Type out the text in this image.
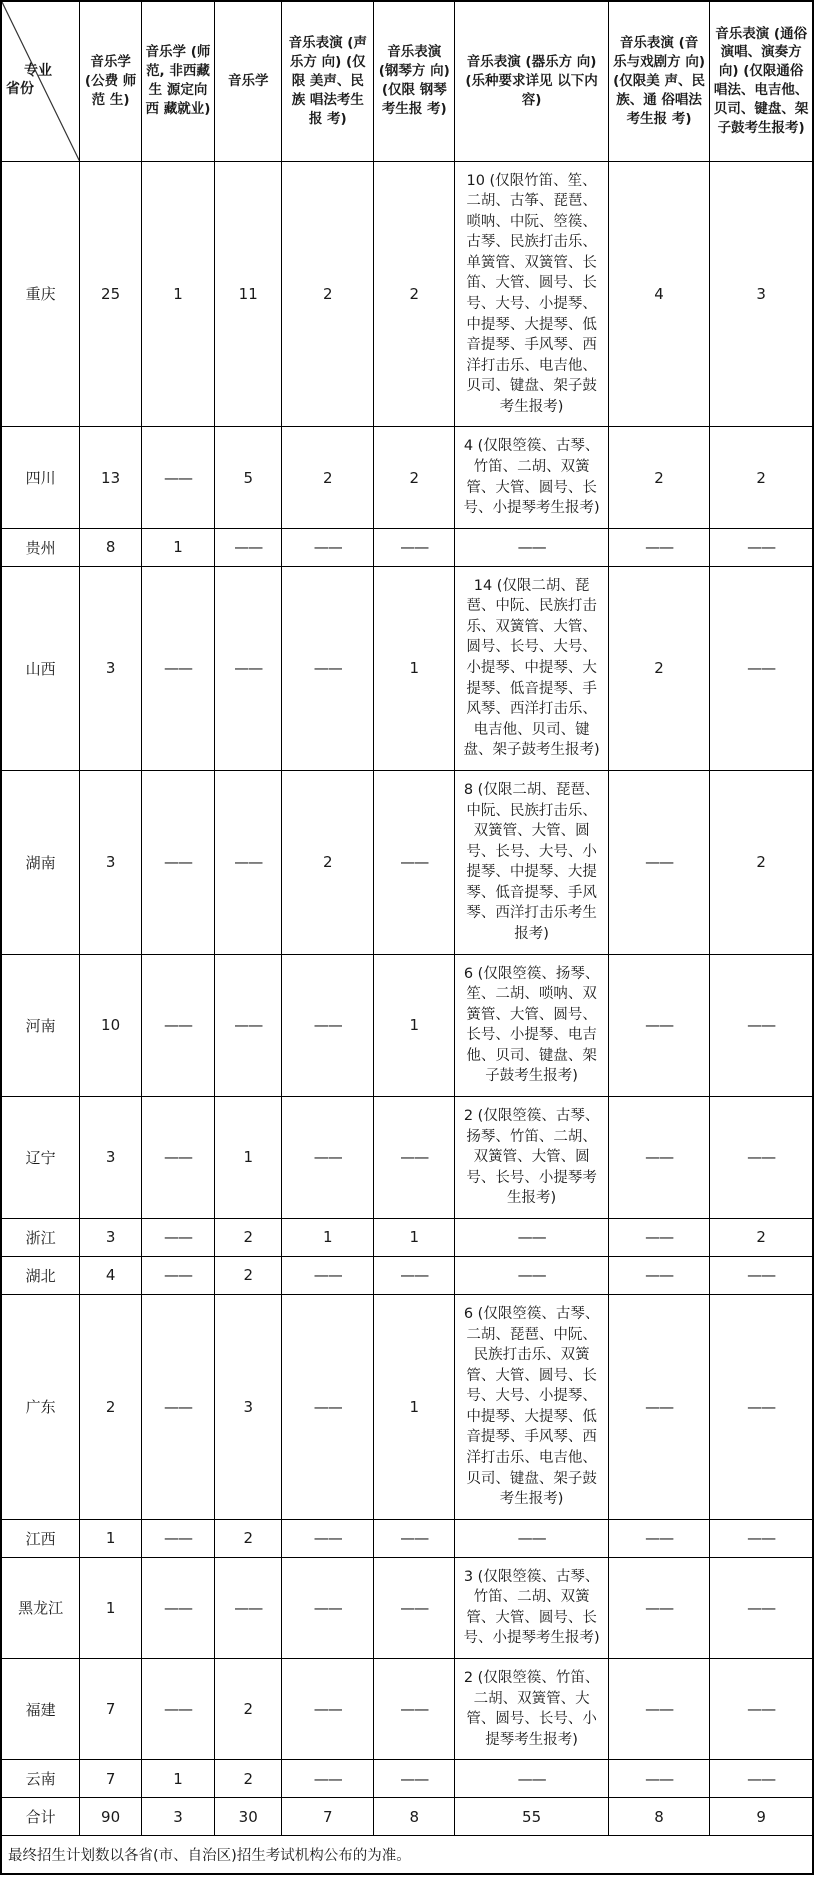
专业
省份	音乐学 (公费 师范 生)	音乐学 (师范, 非西藏生 源定向西 藏就业)	音乐学	音乐表演 (声乐方 向) (仅限 美声、民族 唱法考生报 考)	音乐表演 (钢琴方 向) (仅限 钢琴考生报 考)	音乐表演 (器乐方 向) (乐种要求详见 以下内容)	音乐表演 (音 乐与戏剧方 向) (仅限美 声、民族、通 俗唱法考生报 考)	音乐表演 (通俗 演唱、演奏方 向) (仅限通俗 唱法、电吉他、 贝司、键盘、架 子鼓考生报考)
重庆	25	1	11	2	2	10 (仅限竹笛、笙、二胡、古筝、琵琶、唢呐、中阮、箜篌、古琴、民族打击乐、单簧管、双簧管、长笛、大管、圆号、长号、大号、小提琴、中提琴、大提琴、低音提琴、手风琴、西洋打击乐、电吉他、贝司、键盘、架子鼓考生报考)	4	3
四川	13	——	5	2	2	4 (仅限箜篌、古琴、竹笛、二胡、双簧管、大管、圆号、长号、小提琴考生报考)	2	2
贵州	8	1	——	——	——	——	——	——
山西	3	——	——	——	1	14 (仅限二胡、琵琶、中阮、民族打击乐、双簧管、大管、圆号、长号、大号、小提琴、中提琴、大提琴、低音提琴、手风琴、西洋打击乐、电吉他、贝司、键盘、架子鼓考生报考)	2	——
湖南	3	——	——	2	——	8 (仅限二胡、琵琶、中阮、民族打击乐、双簧管、大管、圆号、长号、大号、小提琴、中提琴、大提琴、低音提琴、手风琴、西洋打击乐考生报考)	——	2
河南	10	——	——	——	1	6 (仅限箜篌、扬琴、笙、二胡、唢呐、双簧管、大管、圆号、长号、小提琴、电吉他、贝司、键盘、架子鼓考生报考)	——	——
辽宁	3	——	1	——	——	2 (仅限箜篌、古琴、扬琴、竹笛、二胡、双簧管、大管、圆号、长号、小提琴考生报考)	——	——
浙江	3	——	2	1	1	——	——	2
湖北	4	——	2	——	——	——	——	——
广东	2	——	3	——	1	6 (仅限箜篌、古琴、二胡、琵琶、中阮、民族打击乐、双簧管、大管、圆号、长号、大号、小提琴、中提琴、大提琴、低音提琴、手风琴、西洋打击乐、电吉他、贝司、键盘、架子鼓考生报考)	——	——
江西	1	——	2	——	——	——	——	——
黑龙江	1	——	——	——	——	3 (仅限箜篌、古琴、竹笛、二胡、双簧管、大管、圆号、长号、小提琴考生报考)	——	——
福建	7	——	2	——	——	2 (仅限箜篌、竹笛、二胡、双簧管、大管、圆号、长号、小提琴考生报考)	——	——
云南	7	1	2	——	——	——	——	——
合计	90	3	30	7	8	55	8	9
最终招生计划数以各省(市、自治区)招生考试机构公布的为准。								
